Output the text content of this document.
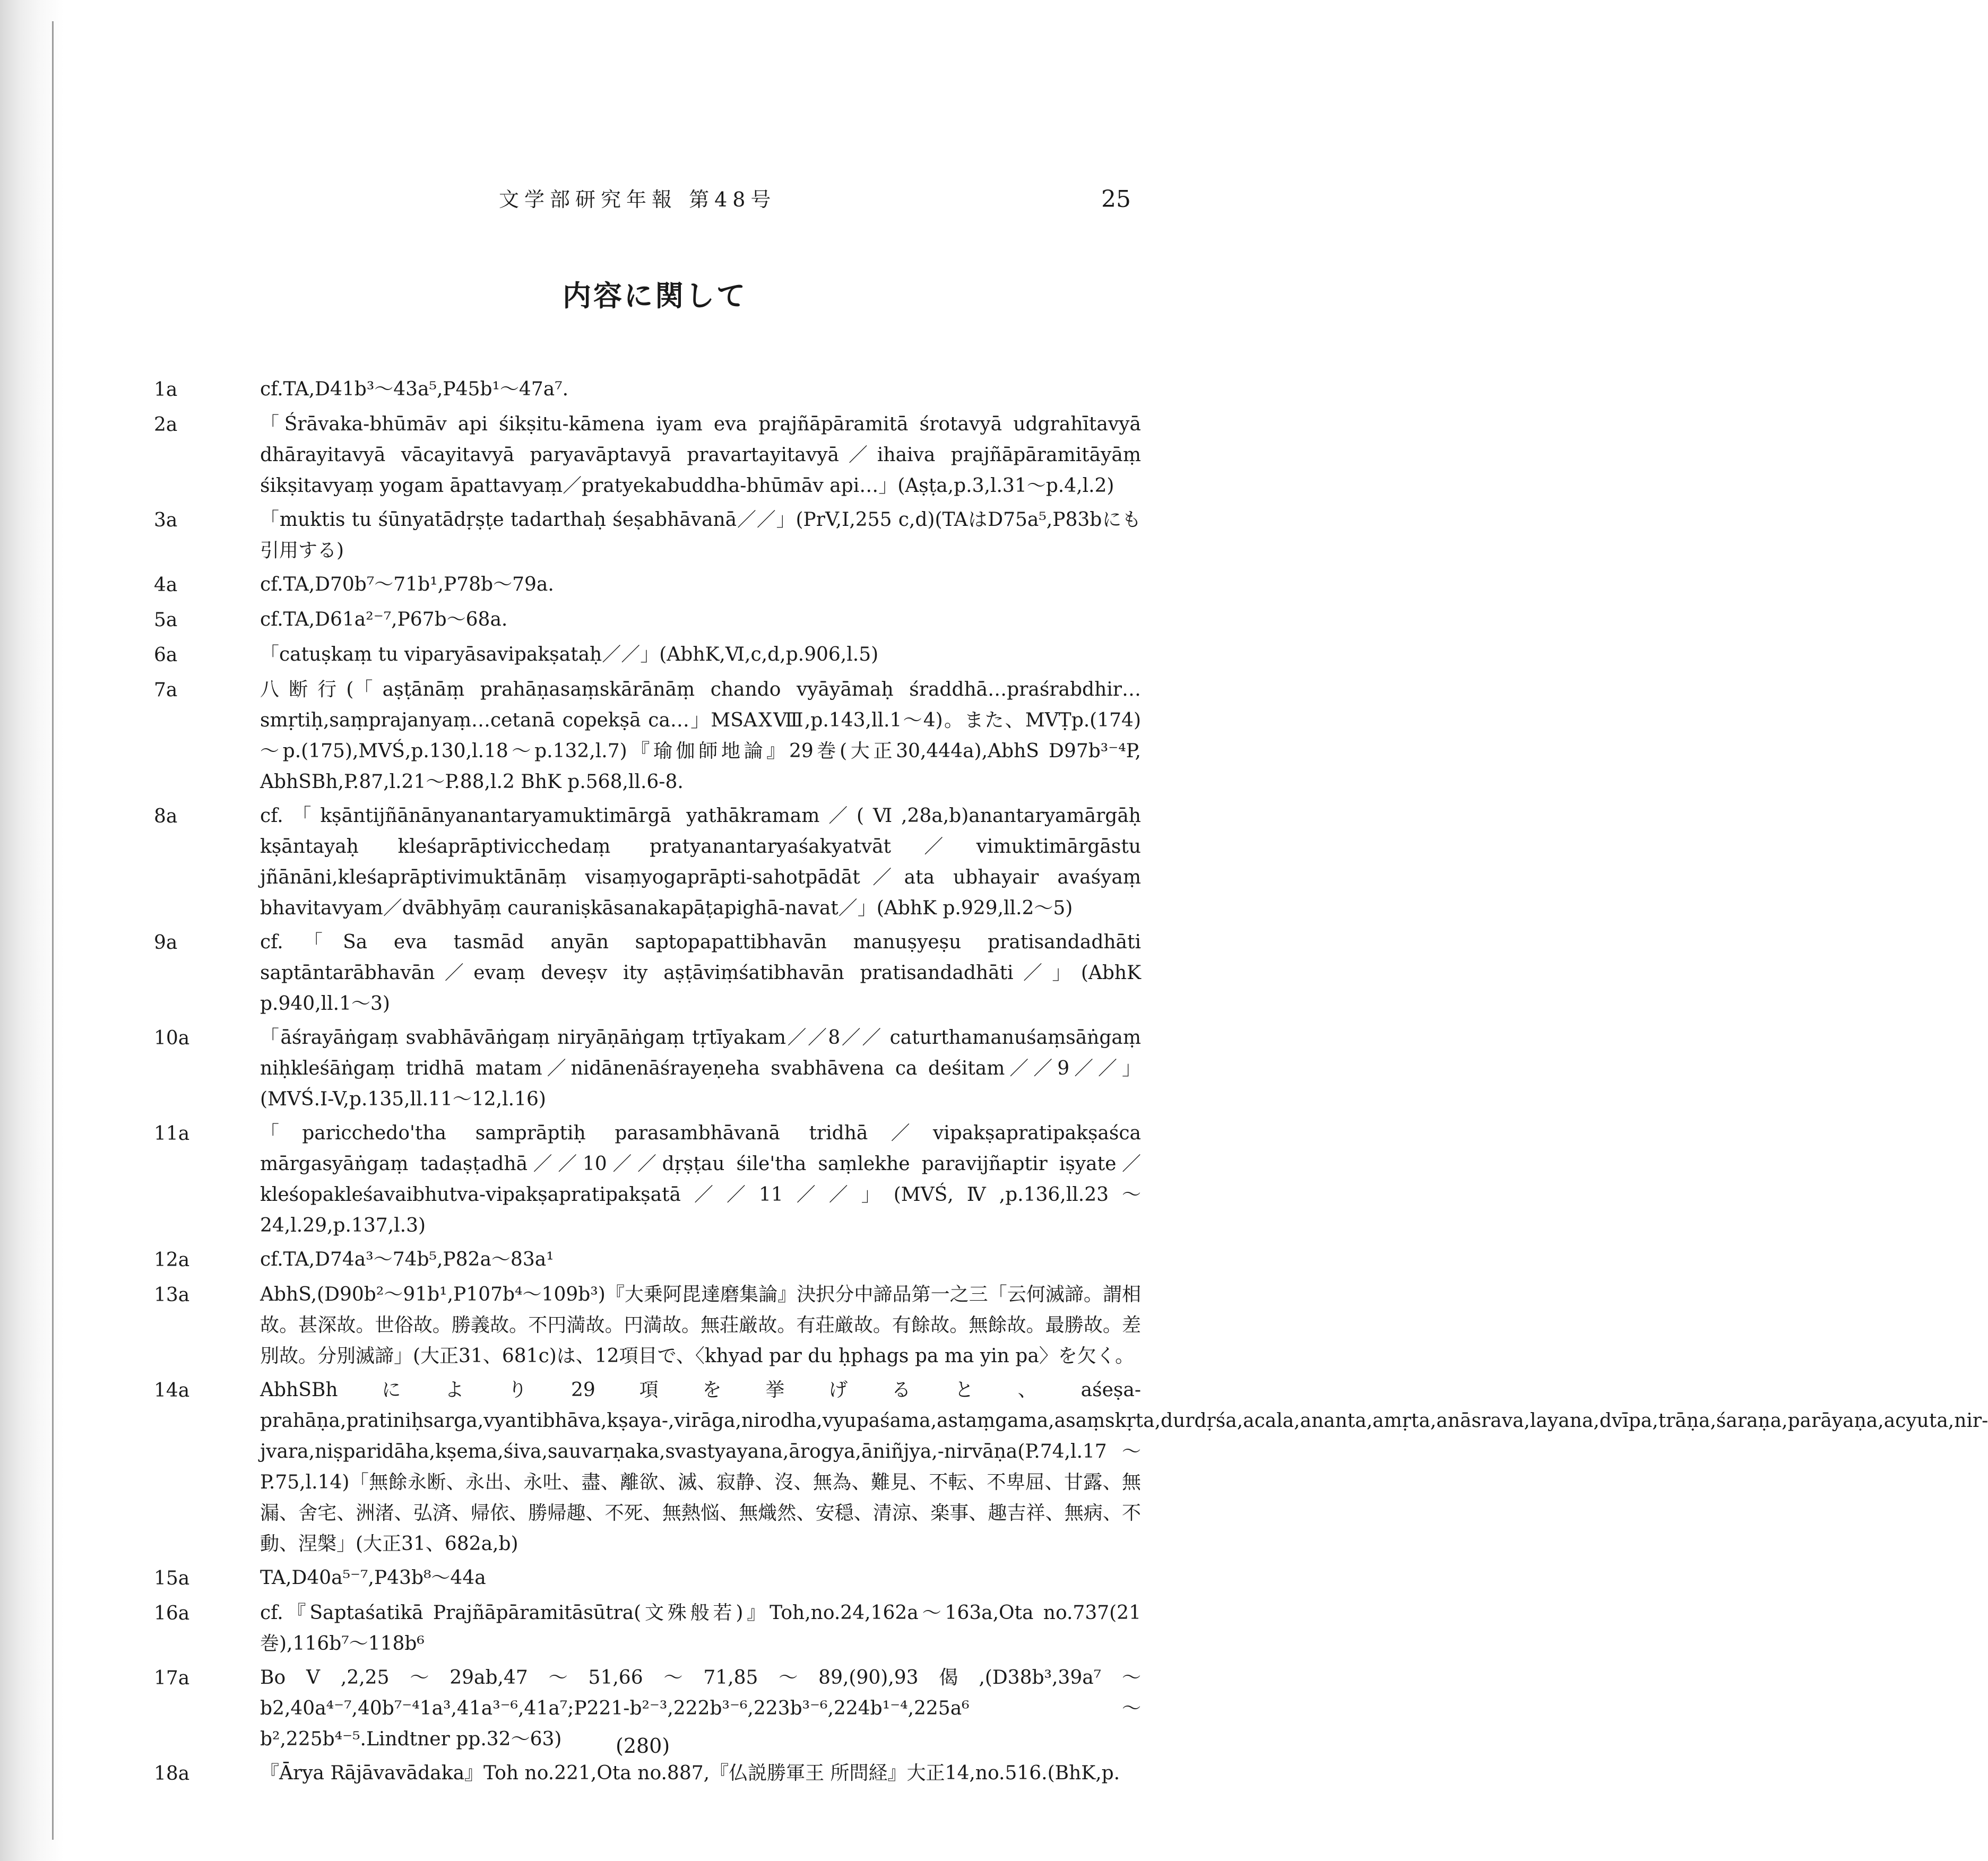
文学部研究年報 第48号	25
内容に関して
1a	cf.TA,D41b³～43a⁵,P45b¹～47a⁷.
2a	「Śrāvaka-bhūmāv api śikṣitu-kāmena iyam eva prajñāpāramitā śrotavyā udgrahītavyā dhārayitavyā vācayitavyā paryavāptavyā pravartayitavyā／ihaiva prajñāpāramitāyāṃ śikṣitavyaṃ yogam āpattavyaṃ／pratyekabuddha-bhūmāv api…」(Aṣṭa,p.3,l.31～p.4,l.2)
3a	「muktis tu śūnyatādṛṣṭe tadarthaḥ śeṣabhāvanā／／」(PrV,I,255 c,d)(TAはD75a⁵,P83bにも引用する)
4a	cf.TA,D70b⁷～71b¹,P78b～79a.
5a	cf.TA,D61a²⁻⁷,P67b～68a.
6a	「catuṣkaṃ tu viparyāsavipakṣataḥ／／」(AbhK,Ⅵ,c,d,p.906,l.5)
7a	八断行(「aṣṭānāṃ prahāṇasaṃskārānāṃ chando vyāyāmaḥ śraddhā…praśrabdhir…smṛtiḥ,saṃprajanyaṃ…cetanā copekṣā ca…」MSAⅩⅧ,p.143,ll.1～4)。また、MVṬp.(174)～p.(175),MVŚ,p.130,l.18～p.132,l.7)『瑜伽師地論』29巻(大正30,444a),AbhS D97b³⁻⁴P, AbhSBh,P.87,l.21～P.88,l.2 BhK p.568,ll.6-8.
8a	cf.「kṣāntijñānānyanantaryamuktimārgā yathākramam／(Ⅵ,28a,b)anantaryamārgāḥ kṣāntayaḥ kleśaprāptivicchedaṃ pratyanantaryaśakyatvāt／vimuktimārgāstu jñānāni,kleśaprāptivimuktānāṃ visaṃyogaprāpti-sahotpādāt／ata ubhayair avaśyaṃ bhavitavyam／dvābhyāṃ cauraniṣkāsanakapāṭapighā-navat／」(AbhK p.929,ll.2～5)
9a	cf.「Sa eva tasmād anyān saptopapattibhavān manuṣyeṣu pratisandadhāti saptāntarābhavān／evaṃ deveṣv ity aṣṭāviṃśatibhavān pratisandadhāti／」(AbhK p.940,ll.1～3)
10a	「āśrayāṅgaṃ svabhāvāṅgaṃ niryāṇāṅgaṃ tṛtīyakam／／8／／ caturthamanuśaṃsāṅgaṃ niḥkleśāṅgaṃ tridhā matam／nidānenāśrayeṇeha svabhāvena ca deśitam／／9／／」(MVŚ.I-V,p.135,ll.11～12,l.16)
11a	「paricchedo'tha samprāptiḥ parasambhāvanā tridhā／vipakṣapratipakṣaśca mārgasyāṅgaṃ tadaṣṭadhā／／10／／dṛṣṭau śile'tha saṃlekhe paravijñaptir iṣyate／kleśopakleśavaibhutva-vipakṣapratipakṣatā／／11／／」(MVŚ,Ⅳ,p.136,ll.23～24,l.29,p.137,l.3)
12a	cf.TA,D74a³～74b⁵,P82a～83a¹
13a	AbhS,(D90b²～91b¹,P107b⁴～109b³)『大乗阿毘達磨集論』決択分中諦品第一之三「云何滅諦。謂相故。甚深故。世俗故。勝義故。不円満故。円満故。無荘厳故。有荘厳故。有餘故。無餘故。最勝故。差別故。分別滅諦」(大正31、681c)は、12項目で、〈khyad par du ḥphags pa ma yin pa〉を欠く。
14a	AbhSBhにより29項を挙げると、aśeṣa-prahāṇa,pratiniḥsarga,vyantibhāva,kṣaya-,virāga,nirodha,vyupaśama,astaṃgama,asaṃskṛta,durdṛśa,acala,ananta,amṛta,anāsrava,layana,dvīpa,trāṇa,śaraṇa,parāyaṇa,acyuta,nir-jvara,niṣparidāha,kṣema,śiva,sauvarṇaka,svastyayana,ārogya,āniñjya,-nirvāṇa(P.74,l.17～P.75,l.14)「無餘永断、永出、永吐、盡、離欲、滅、寂静、沒、無為、難見、不転、不卑屈、甘露、無漏、舍宅、洲渚、弘済、帰依、勝帰趣、不死、無熱悩、無熾然、安穏、清涼、楽事、趣吉祥、無病、不動、涅槃」(大正31、682a,b)
15a	TA,D40a⁵⁻⁷,P43b⁸～44a
16a	cf.『Saptaśatikā Prajñāpāramitāsūtra(文殊般若)』Toh,no.24,162a～163a,Ota no.737(21巻),116b⁷～118b⁶
17a	BoⅤ,2,25～29ab,47～51,66～71,85～89,(90),93偈,(D38b³,39a⁷～b2,40a⁴⁻⁷,40b⁷⁻⁴1a³,41a³⁻⁶,41a⁷;P221-b²⁻³,222b³⁻⁶,223b³⁻⁶,224b¹⁻⁴,225a⁶～b²,225b⁴⁻⁵.Lindtner pp.32～63)
18a	『Ārya Rājāvavādaka』Toh no.221,Ota no.887,『仏説勝軍王 所問経』大正14,no.516.(BhK,p.
(280)
